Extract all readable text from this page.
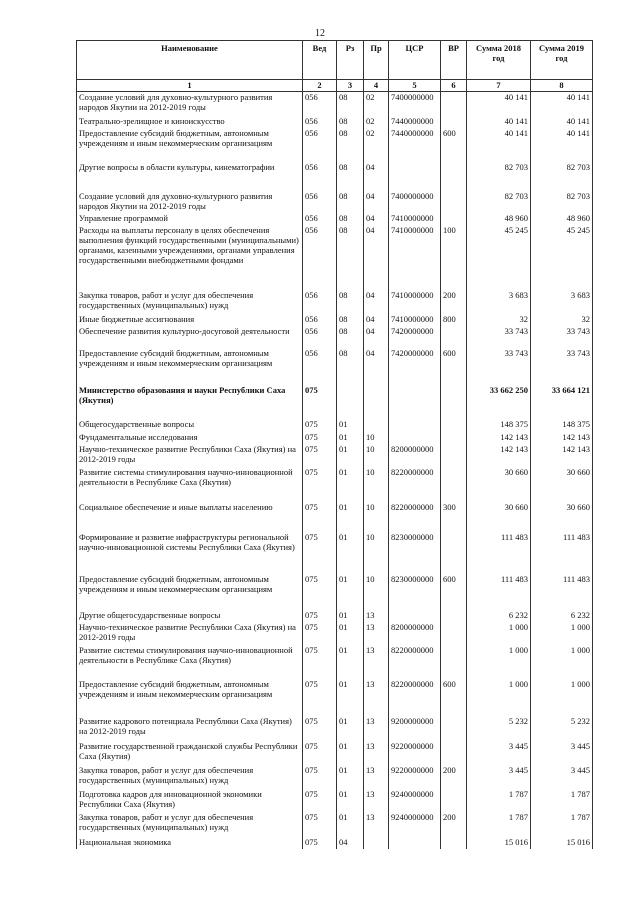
12
Наименование	Вед	Рз	Пр	ЦСР	ВР	Сумма 2018 год	Сумма 2019 год
1	2	3	4	5	6	7	8
Создание условий для духовно-культурного развития народов Якутии на 2012-2019 годы	056	08	02	7400000000		40 141	40 141
Театрально-зрелищное и киноискусство	056	08	02	7440000000		40 141	40 141
Предоставление субсидий бюджетным, автономным учреждениям и иным некоммерческим организациям	056	08	02	7440000000	600	40 141	40 141
Другие вопросы в области культуры, кинематографии	056	08	04			82 703	82 703
Создание условий для духовно-культурного развития народов Якутии на 2012-2019 годы	056	08	04	7400000000		82 703	82 703
Управление программой	056	08	04	7410000000		48 960	48 960
Расходы на выплаты персоналу в целях обеспечения выполнения функций государственными (муниципальными) органами, казенными учреждениями, органами управления государственными внебюджетными фондами	056	08	04	7410000000	100	45 245	45 245
Закупка товаров, работ и услуг для обеспечения государственных (муниципальных) нужд	056	08	04	7410000000	200	3 683	3 683
Иные бюджетные ассигнования	056	08	04	7410000000	800	32	32
Обеспечение развития культурно-досуговой деятельности	056	08	04	7420000000		33 743	33 743
Предоставление субсидий бюджетным, автономным учреждениям и иным некоммерческим организациям	056	08	04	7420000000	600	33 743	33 743
Министерство образования и науки Республики Саха (Якутия)	075					33 662 250	33 664 121
Общегосударственные вопросы	075	01				148 375	148 375
Фундаментальные исследования	075	01	10			142 143	142 143
Научно-техническое развитие Республики Саха (Якутия) на 2012-2019 годы	075	01	10	8200000000		142 143	142 143
Развитие системы стимулирования научно-инновационной деятельности в Республике Саха (Якутия)	075	01	10	8220000000		30 660	30 660
Социальное обеспечение и иные выплаты населению	075	01	10	8220000000	300	30 660	30 660
Формирование и развитие инфраструктуры региональной научно-инновационной системы Республики Саха (Якутия)	075	01	10	8230000000		111 483	111 483
Предоставление субсидий бюджетным, автономным учреждениям и иным некоммерческим организациям	075	01	10	8230000000	600	111 483	111 483
Другие общегосударственные вопросы	075	01	13			6 232	6 232
Научно-техническое развитие Республики Саха (Якутия) на 2012-2019 годы	075	01	13	8200000000		1 000	1 000
Развитие системы стимулирования научно-инновационной деятельности в Республике Саха (Якутия)	075	01	13	8220000000		1 000	1 000
Предоставление субсидий бюджетным, автономным учреждениям и иным некоммерческим организациям	075	01	13	8220000000	600	1 000	1 000
Развитие кадрового потенциала Республики Саха (Якутия) на 2012-2019 годы	075	01	13	9200000000		5 232	5 232
Развитие государственной гражданской службы Республики Саха (Якутия)	075	01	13	9220000000		3 445	3 445
Закупка товаров, работ и услуг для обеспечения государственных (муниципальных) нужд	075	01	13	9220000000	200	3 445	3 445
Подготовка кадров для инновационной экономики Республики Саха (Якутия)	075	01	13	9240000000		1 787	1 787
Закупка товаров, работ и услуг для обеспечения государственных (муниципальных) нужд	075	01	13	9240000000	200	1 787	1 787
Национальная экономика	075	04				15 016	15 016
